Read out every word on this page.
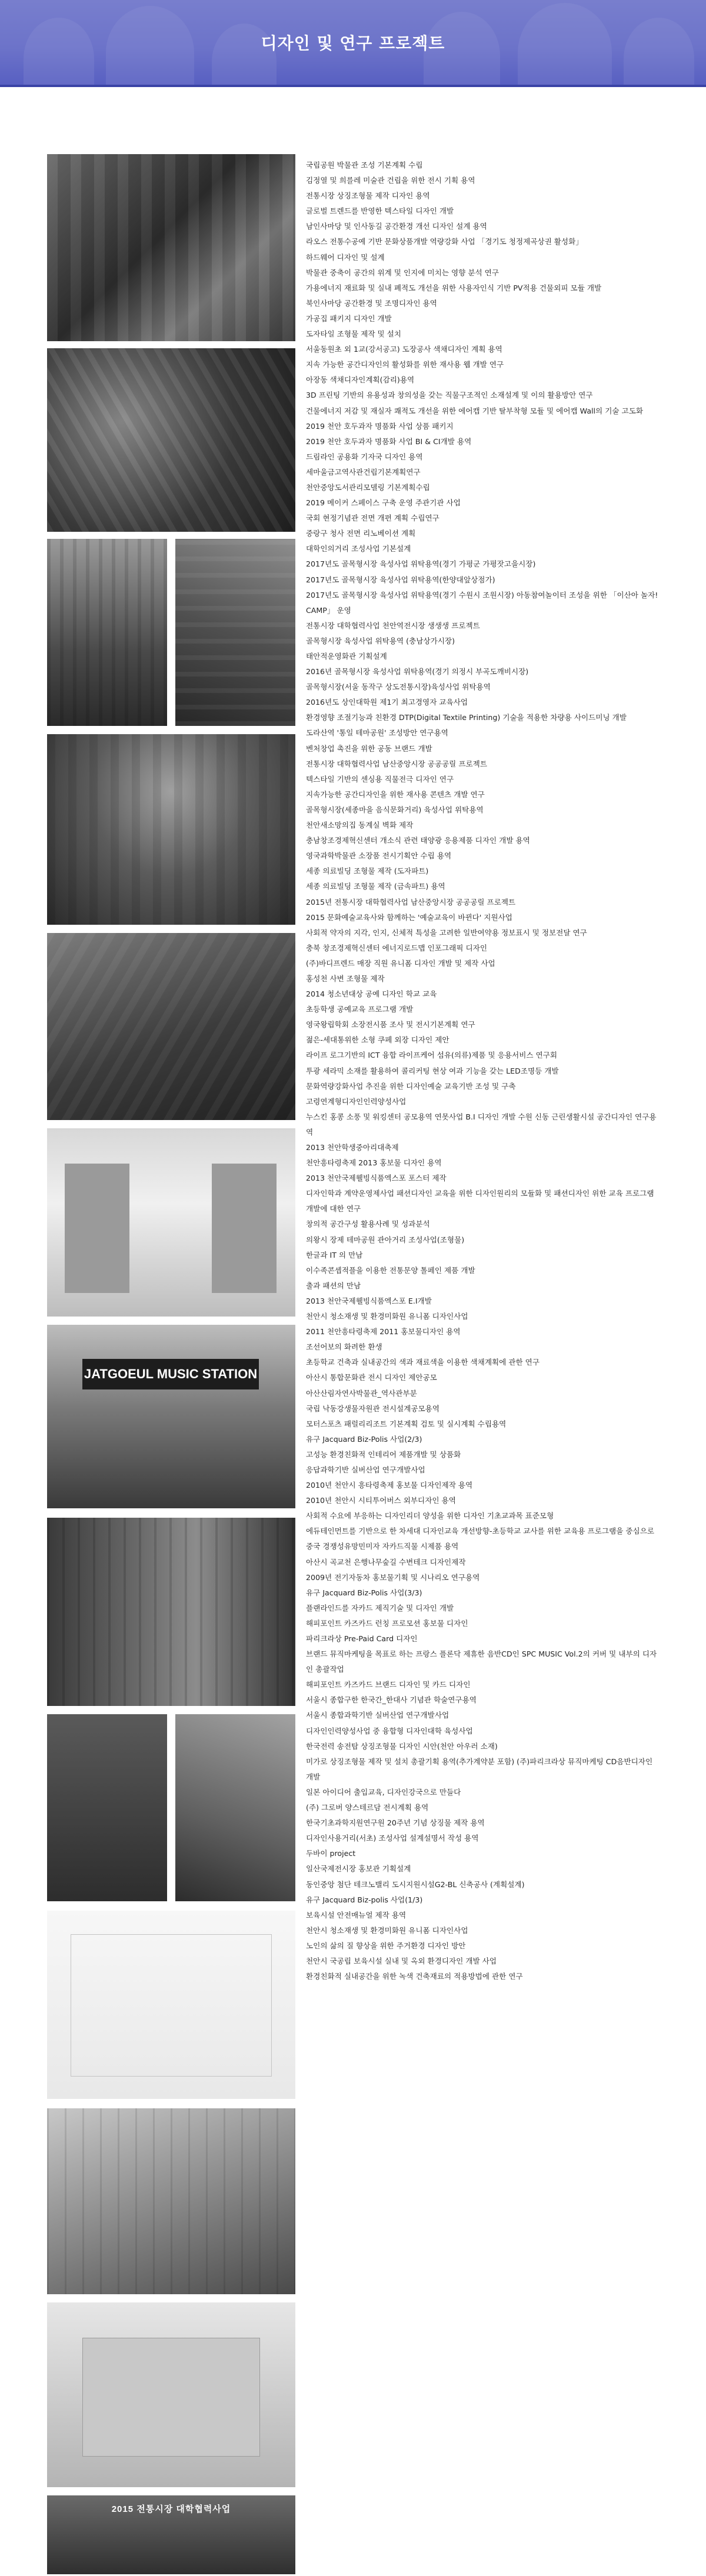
디자인 및 연구 프로젝트
JATGOEUL MUSIC STATION
2015 전통시장 대학협력사업
국립공원 박물관 조성 기본계획 수립
김정열 및 희를레 미술관 건립을 위한 전시 기획 용역
전통시장 상징조형물 제작 디자인 용역
글로벌 트렌드를 반영한 텍스타일 디자인 개발
남인사마당 및 인사동길 공간환경 개선 디자인 설계 용역
라오스 전통수공예 기반 문화상품개발 역량강화 사업 「경기도 청정제곡상권 활성화」
하드웨어 디자인 및 설계
박물관 중축이 공간의 위계 및 인지에 미치는 영향 분석 연구
가용에너지 재료화 및 실내 폐적도 개선을 위한 사용자인식 기반 PV적용 건물외피 모듈 개발
북인사마당 공간환경 및 조명디자인 용역
가공집 패키지 디자인 개발
도자타일 조형물 제작 및 설치
서울동원초 외 1교(강서공고) 도장공사 색채디자인 계획 용역
지속 가능한 공간디자인의 활성화를 위한 재사용 웹 개발 연구
아장동 색채디자인계획(감리)용역
3D 프린팅 기반의 유용성과 창의성을 갖는 직물구조적인 소재설계 및 이의 활용방안 연구
건물에너지 저감 및 재실자 쾌적도 개선을 위한 에어캡 기반 탈부착형 모듈 및 에어캡 Wall의 기술 고도화
2019 천안 호두과자 명품화 사업 상품 패키지
2019 천안 호두과자 명품화 사업 BI & CI개발 용역
드림라인 공용화 기자국 디자인 용역
세마울금고역사관건립기본계획연구
천안중앙도서관리모델링 기본계획수립
2019 메이커 스페이스 구축 운영 주관기관 사업
국회 현정기념관 전면 개편 계획 수립연구
중랑구 청사 전면 리노베이션 계획
대학인의거리 조성사업 기본설계
2017년도 골목형시장 육성사업 위탁용역(경기 가평군 가평잣고을시장)
2017년도 골목형시장 육성사업 위탁용역(한양대앞상점가)
2017년도 골목형시장 육성사업 위탁용역(경기 수원시 조원시장) 아동참여놀이터 조성을 위한 「이산아 놀자! CAMP」 운영
전통시장 대학협력사업 천안역전시장 생생생 프로젝트
골목형시장 육성사업 위탁용역 (충남상가시장)
태안적운영화관 기획설계
2016년 골목형시장 육성사업 위탁용역(경기 의정시 부곡도깨비시장)
골목형시장(서울 동작구 상도전통시장)육성사업 위탁용역
2016년도 상인대학원 제1기 최고경영자 교육사업
환경영향 조절기능과 친환경 DTP(Digital Textile Printing) 기술을 적용한 차량용 사이드미닝 개발
도라산역 '통일 테마공원' 조성방안 연구용역
벤처창업 촉진을 위한 공동 브랜드 개발
전통시장 대학협력사업 남산중앙시장 공공공릴 프로젝트
텍스타일 기반의 센싱용 직물전극 디자인 연구
지속가능한 공간디자인을 위한 재사용 콘텐츠 개발 연구
골목형시장(세종마을 음식문화거리) 육성사업 위탁용역
천안새소망의집 동계실 벽화 제작
충남창조경제혁신센터 개소식 관련 태양광 응용제품 디자인 개발 용역
영국과학박물관 소장품 전시기획안 수립 용역
세종 의료빌딩 조형물 제작 (도자파트)
세종 의료빌딩 조형물 제작 (금속파트) 용역
2015년 전통시장 대학협력사업 남산중앙시장 공공공릴 프로젝트
2015 문화예술교육사와 함께하는 '예술교육이 바뀐다' 지원사업
사회적 약자의 지각, 인지, 신체적 특성을 고려한 일반여약용 정보표시 및 정보전달 연구
충북 창조경제혁신센터 에너지로드맵 인포그래픽 디자인
(주)바디프렌드 매장 직원 유니폼 디자인 개발 및 제작 사업
홍성천 사변 조형물 제작
2014 청소년대상 공예 디자인 학교 교육
초등학생 공예교육 프로그램 개발
영국왕립학회 소장전시품 조사 및 전시기본계획 연구
젊은-세대통위한 소형 쿠페 외장 디자인 제안
라이프 로그기반의 ICT 융합 라이프케어 섬유(의류)제품 및 응용서비스 연구회
투광 세라믹 소재를 활용하여 콜리커팅 현상 여과 기능을 갖는 LED조명등 개발
문화역량강화사업 추진을 위한 디자인예술 교육기반 조성 및 구축
고령연계형디자인인력양성사업
누스킨 홍콩 소풍 및 워킹센터 공모용역 연못사업 B.I 디자인 개발 수원 신동 근린생활시설 공간디자인 연구용역
2013 천안학생중아리대축제
천안흥타령축제 2013 홍보물 디자인 용역
2013 천안국제웰빙식품엑스포 포스터 제작
디자인학과 계약운영제사업 패션디자인 교육을 위한 디자인원리의 모듈화 및 패션디자인 위한 교육 프로그램 개발에 대한 연구
창의적 공간구성 활용사례 및 성과분석
의왕시 장제 테마공원 관아거리 조성사업(조형물)
한글과 IT 의 만남
이수족콘셉적플을 이용한 전통문양 톨페인 제품 개발
출과 패션의 만남
2013 천안국제웰빙식품엑스포 E.I개발
천안시 청소재생 및 환경미화원 유니폼 디자인사업
2011 천안흥타령축제 2011 홍보물디자인 용역
조선어보의 화려한 환생
초등학교 건축과 실내공간의 색과 재료색을 이용한 색채계획에 관한 연구
아산시 통합문화관 전시 디자인 제안공모
아산산림자연사박물관_역사관부분
국립 낙동강생물자원관 전시설계공모용역
모터스포츠 패럴리리조트 기본계획 검토 및 실시계획 수립용역
유구 Jacquard Biz-Polis 사업(2/3)
고성능 환경친화적 인테리어 제품개발 및 상품화
응답과학기반 실버산업 연구개발사업
2010년 천안시 흥타령축제 홍보물 디자인제작 용역
2010년 천안시 시티투어버스 외부디자인 용역
사회적 수요에 부응하는 디자인리더 양성을 위한 디자인 기초교과목 표준모형
에듀테인먼트를 기반으로 한 차세대 디자인교육 개선방향-초등학교 교사를 위한 교육용 프로그램을 중심으로
중국 경쟁성유망민미자 자카드직물 시제품 용역
아산시 곡교천 은행나무숲길 수변테크 디자인제작
2009년 전기자동차 홍보물기획 및 시나리오 연구용역
유구 Jacquard Biz-Polis 사업(3/3)
플랜라인드를 자카드 제직기술 및 디자인 개발
해피포인트 카즈카드 런칭 프로모션 홍보물 디자인
파리크라상 Pre-Paid Card 디자인
브랜드 뮤직마케팅을 목표로 하는 프랑스 플론닥 제휴한 음반CD인 SPC MUSIC Vol.2의 커버 및 내부의 디자인 총괄작업
해피포인트 카즈카드 브랜드 디자인 및 카드 디자인
서울시 종합구한 한국간_한대사 기념관 학술연구용역
서울시 종합과학기반 실버산업 연구개발사업
디자인인력양성사업 중 융합형 디자인대학 육성사업
한국전력 송전탑 상징조형물 디자인 시안(천안 아우러 소재)
미가로 상징조형물 제작 및 설치 총괄기획 용역(추가계약분 포함) (주)파리크라상 뮤직마케팅 CD음반디자인개발
일본 아이디어 출입교육, 디자인강국으로 만들다
(주) 그로버 양스테르담 전시계획 용역
한국기초과학지원연구원 20주년 기념 상징물 제작 용역
디자인사용거리(서초) 조성사업 설계설명서 작성 용역
두바이 project
일산국제전시장 홍보관 기획설계
동인중앙 첨단 테크노밸리 도시지원시설G2-BL 신축공사 (계획설계)
유구 Jacquard Biz-polis 사업(1/3)
보육시설 안전매뉴얼 제작 용역
천안시 청소재생 및 환경미화원 유니폼 디자인사업
노인의 삶의 질 향상을 위한 주거환경 디자인 방안
천안시 국공립 보육시설 실내 및 옥외 환경디자인 개발 사업
환경친화적 실내공간을 위한 녹색 건축재료의 적용방법에 관한 연구
